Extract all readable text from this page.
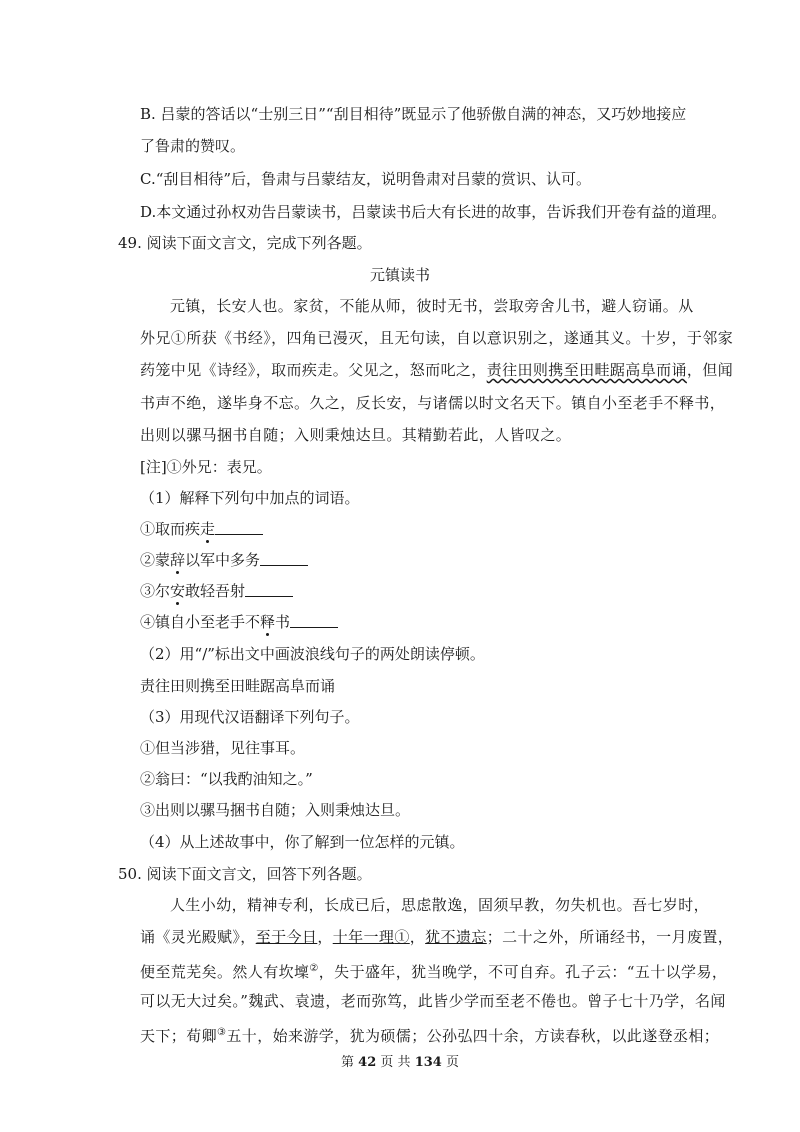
B. 吕蒙的答话以“士别三日”“刮目相待”既显示了他骄傲自满的神态，又巧妙地接应
了鲁肃的赞叹。
C.“刮目相待”后，鲁肃与吕蒙结友，说明鲁肃对吕蒙的赏识、认可。
D.本文通过孙权劝告吕蒙读书，吕蒙读书后大有长进的故事，告诉我们开卷有益的道理。
49. 阅读下面文言文，完成下列各题。
元镇读书
元镇，长安人也。家贫，不能从师，彼时无书，尝取旁舍儿书，避人窃诵。从
外兄①所获《书经》，四角已漫灭，且无句读，自以意识别之，遂通其义。十岁，于邻家
药笼中见《诗经》，取而疾走。父见之，怒而叱之，责往田则携至田畦踞高阜而诵，但闻
书声不绝，遂毕身不忘。久之，反长安，与诸儒以时文名天下。镇自小至老手不释书，
出则以骡马捆书自随；入则秉烛达旦。其精勤若此，人皆叹之。
[注]①外兄：表兄。
（1）解释下列句中加点的词语。
①取而疾走
②蒙辞以军中多务
③尔安敢轻吾射
④镇自小至老手不释书
（2）用“/”标出文中画波浪线句子的两处朗读停顿。
责往田则携至田畦踞高阜而诵
（3）用现代汉语翻译下列句子。
①但当涉猎，见往事耳。
②翁曰：“以我酌油知之。”
③出则以骡马捆书自随；入则秉烛达旦。
（4）从上述故事中，你了解到一位怎样的元镇。
50. 阅读下面文言文，回答下列各题。
人生小幼，精神专利，长成已后，思虑散逸，固须早教，勿失机也。吾七岁时，
诵《灵光殿赋》，至于今日，十年一理①，犹不遗忘；二十之外，所诵经书，一月废置，
便至荒芜矣。然人有坎壈②，失于盛年，犹当晚学，不可自弃。孔子云：“五十以学易，
可以无大过矣。”魏武、袁遗，老而弥笃，此皆少学而至老不倦也。曾子七十乃学，名闻
天下；荀卿③五十，始来游学，犹为硕儒；公孙弘四十余，方读春秋，以此遂登丞相；
第 42 页 共 134 页
